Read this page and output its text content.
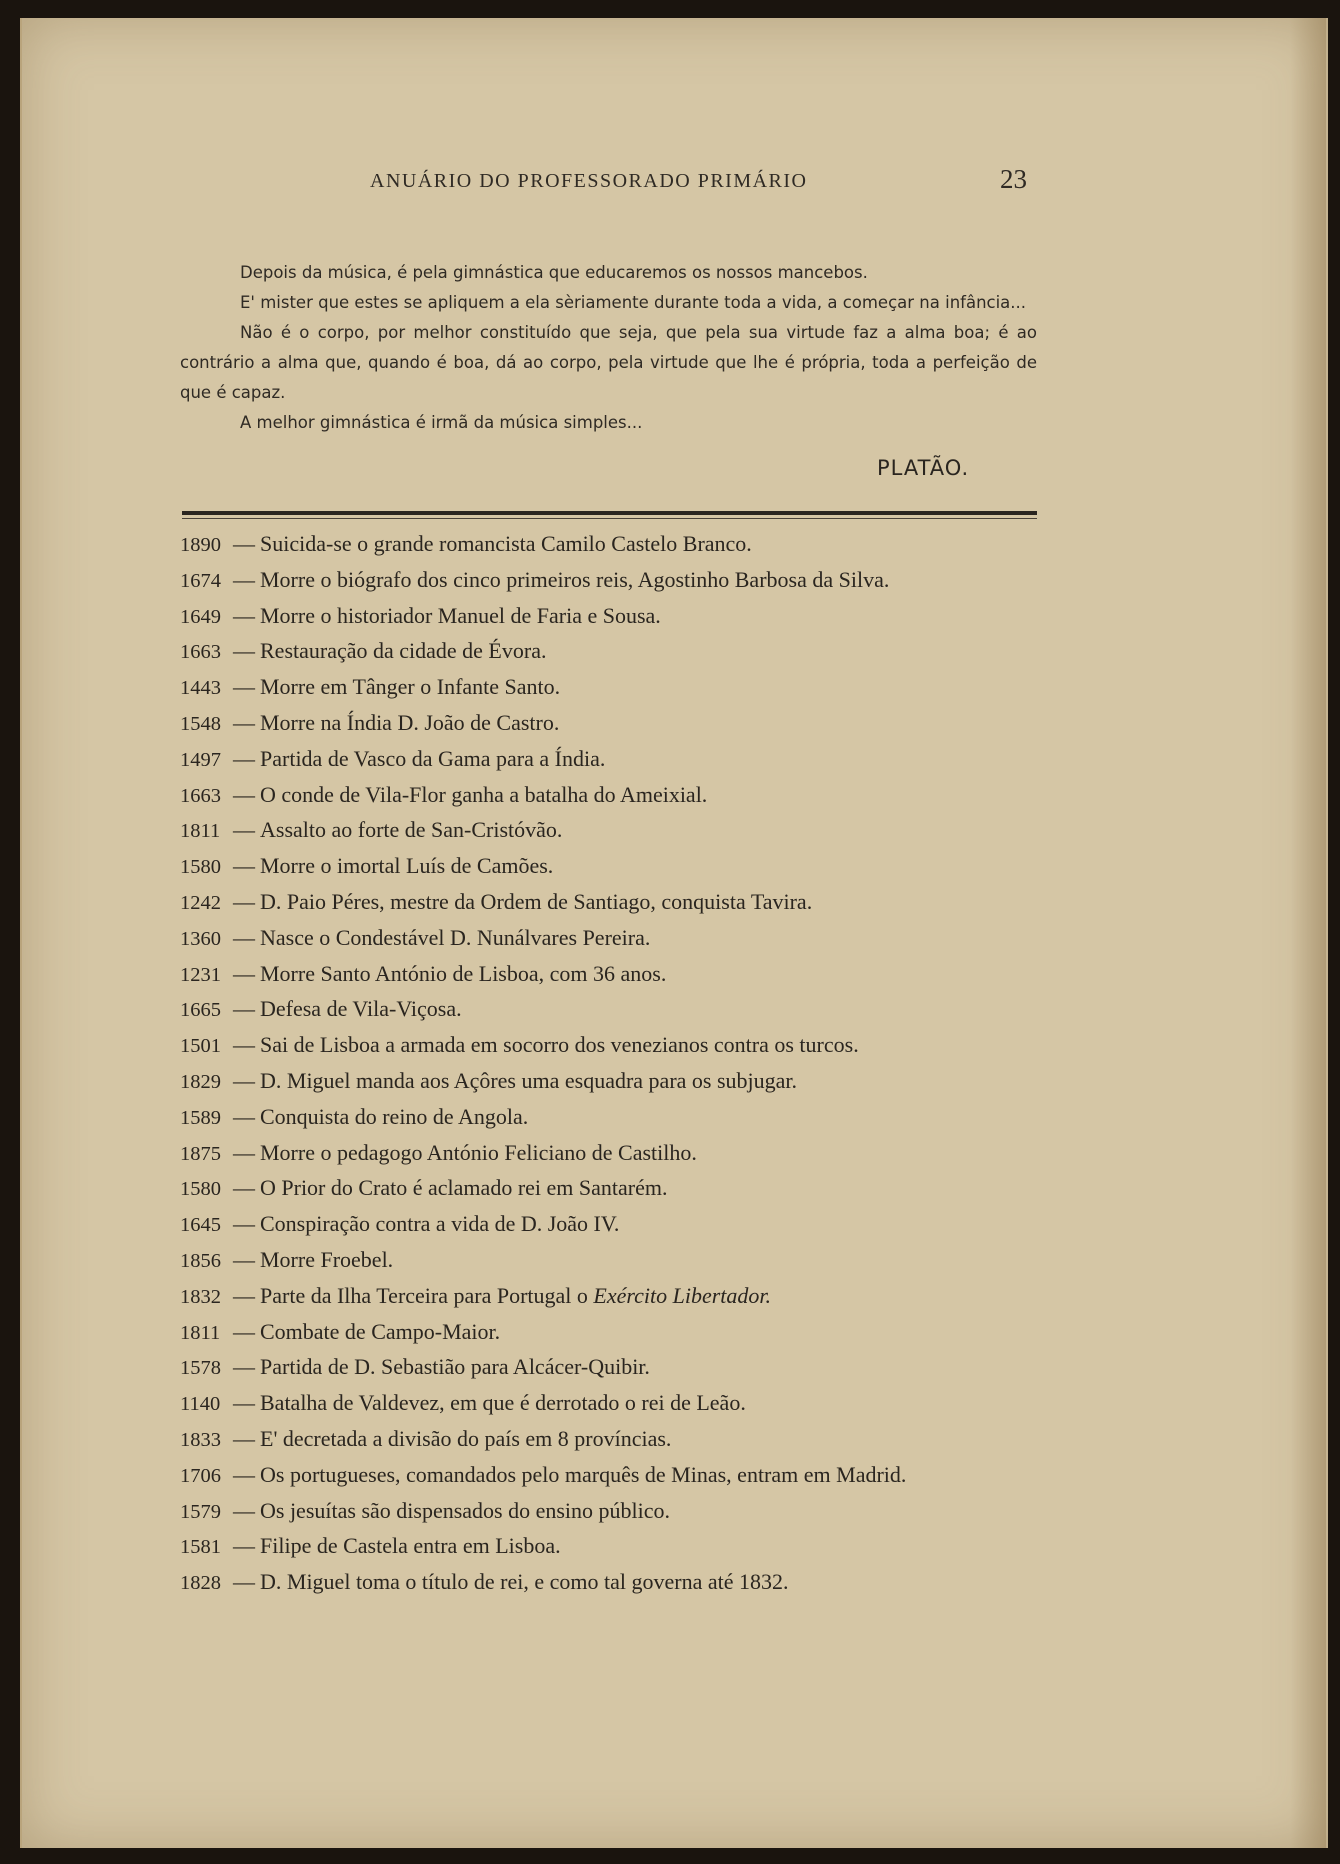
ANUÁRIO DO PROFESSORADO PRIMÁRIO	23

Depois da música, é pela gimnástica que educaremos os nossos mancebos.

E' mister que estes se apliquem a ela sèriamente durante toda a vida, a começar na infância...

Não é o corpo, por melhor constituído que seja, que pela sua virtude faz a alma boa; é ao contrário a alma que, quando é boa, dá ao corpo, pela virtude que lhe é própria, toda a perfeição de que é capaz.

A melhor gimnástica é irmã da música simples...

PLATÃO.
1890 — Suicida-se o grande romancista Camilo Castelo Branco.
1674 — Morre o biógrafo dos cinco primeiros reis, Agostinho Barbosa da Silva.
1649 — Morre o historiador Manuel de Faria e Sousa.
1663 — Restauração da cidade de Évora.
1443 — Morre em Tânger o Infante Santo.
1548 — Morre na Índia D. João de Castro.
1497 — Partida de Vasco da Gama para a Índia.
1663 — O conde de Vila-Flor ganha a batalha do Ameixial.
1811 — Assalto ao forte de San-Cristóvão.
1580 — Morre o imortal Luís de Camões.
1242 — D. Paio Péres, mestre da Ordem de Santiago, conquista Tavira.
1360 — Nasce o Condestável D. Nunálvares Pereira.
1231 — Morre Santo António de Lisboa, com 36 anos.
1665 — Defesa de Vila-Viçosa.
1501 — Sai de Lisboa a armada em socorro dos venezianos contra os turcos.
1829 — D. Miguel manda aos Açôres uma esquadra para os subjugar.
1589 — Conquista do reino de Angola.
1875 — Morre o pedagogo António Feliciano de Castilho.
1580 — O Prior do Crato é aclamado rei em Santarém.
1645 — Conspiração contra a vida de D. João IV.
1856 — Morre Froebel.
1832 — Parte da Ilha Terceira para Portugal o Exército Libertador.
1811 — Combate de Campo-Maior.
1578 — Partida de D. Sebastião para Alcácer-Quibir.
1140 — Batalha de Valdevez, em que é derrotado o rei de Leão.
1833 — E' decretada a divisão do país em 8 províncias.
1706 — Os portugueses, comandados pelo marquês de Minas, entram em Madrid.
1579 — Os jesuítas são dispensados do ensino público.
1581 — Filipe de Castela entra em Lisboa.
1828 — D. Miguel toma o título de rei, e como tal governa até 1832.
